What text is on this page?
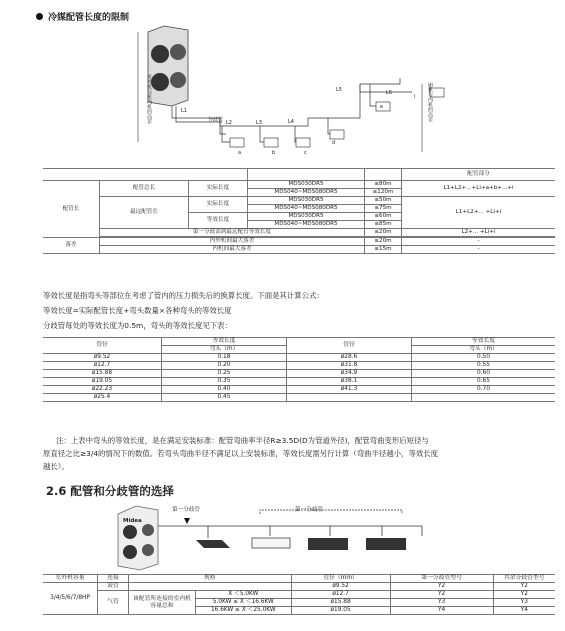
冷媒配管长度的限制
室外机与室内机的高差	内机与内机的高差
分歧管
L1
L2	L3	L4
L5	L6
a	b	c
d
e
i
					配管部分
配管长	配管总长	实际长度	MDS030DR5	≤80m	L1+L2+...+Li+a+b+...+i
			MDS040~MDS080DR5	≤120m	
	最远配管长	实际长度	MDS030DR5	≤50m	L1+L2+... +Li+i
			MDS040~MDS080DR5	≤75m	
		等效长度	MDS030DR5	≤60m	
			MDS040~MDS080DR5	≤85m	
	第一分歧部到最远配管等效长度			≤20m	L2+... +Li+i

落差	内外机间最大落差			≤20m	-
	内机间最大落差			≤15m	-
等效长度是指弯头等部位在考虑了管内的压力损失后的换算长度。下面是其计算公式：
等效长度=实际配管长度+弯头数量×各种弯头的等效长度
分歧管每处的等效长度为0.5m，弯头的等效长度见下表：
管径	等效长度	管径	等效长度
	弯头（m）		弯头（m）
ø9.52	0.18	ø28.6	0.50
ø12.7	0.20	ø31.8	0.55
ø15.88	0.25	ø34.9	0.60
ø19.05	0.35	ø38.1	0.65
ø22.23	0.40	ø41.3	0.70
ø25.4	0.45		
注：上表中弯头的等效长度，是在满足安装标准：配管弯曲率半径R≥3.5D(D为管道外径)，配管弯曲变形后短径与
原直径之比≥3/4的情况下的数值。若弯头弯曲半径不满足以上安装标准，等效长度需另行计算（弯曲半径越小，等效长度
越长）。
2.6 配管和分歧管的选择
Midea
第一分歧管	第一分歧管
室外机容量	连接	规格		管径（mm）	第一分歧管型号	其余分歧管型号
3/4/5/6/7/8HP	液管			ø9.52	Y2	Y2
	气管	该配管所连接的室内机容量总和	X ＜5.0KW	ø12.7	Y2	Y2
			5.0KW ≤ X ＜16.6KW	ø15.88	Y3	Y3
			16.6KW ≤ X ＜25.0KW	ø19.05	Y4	Y4
